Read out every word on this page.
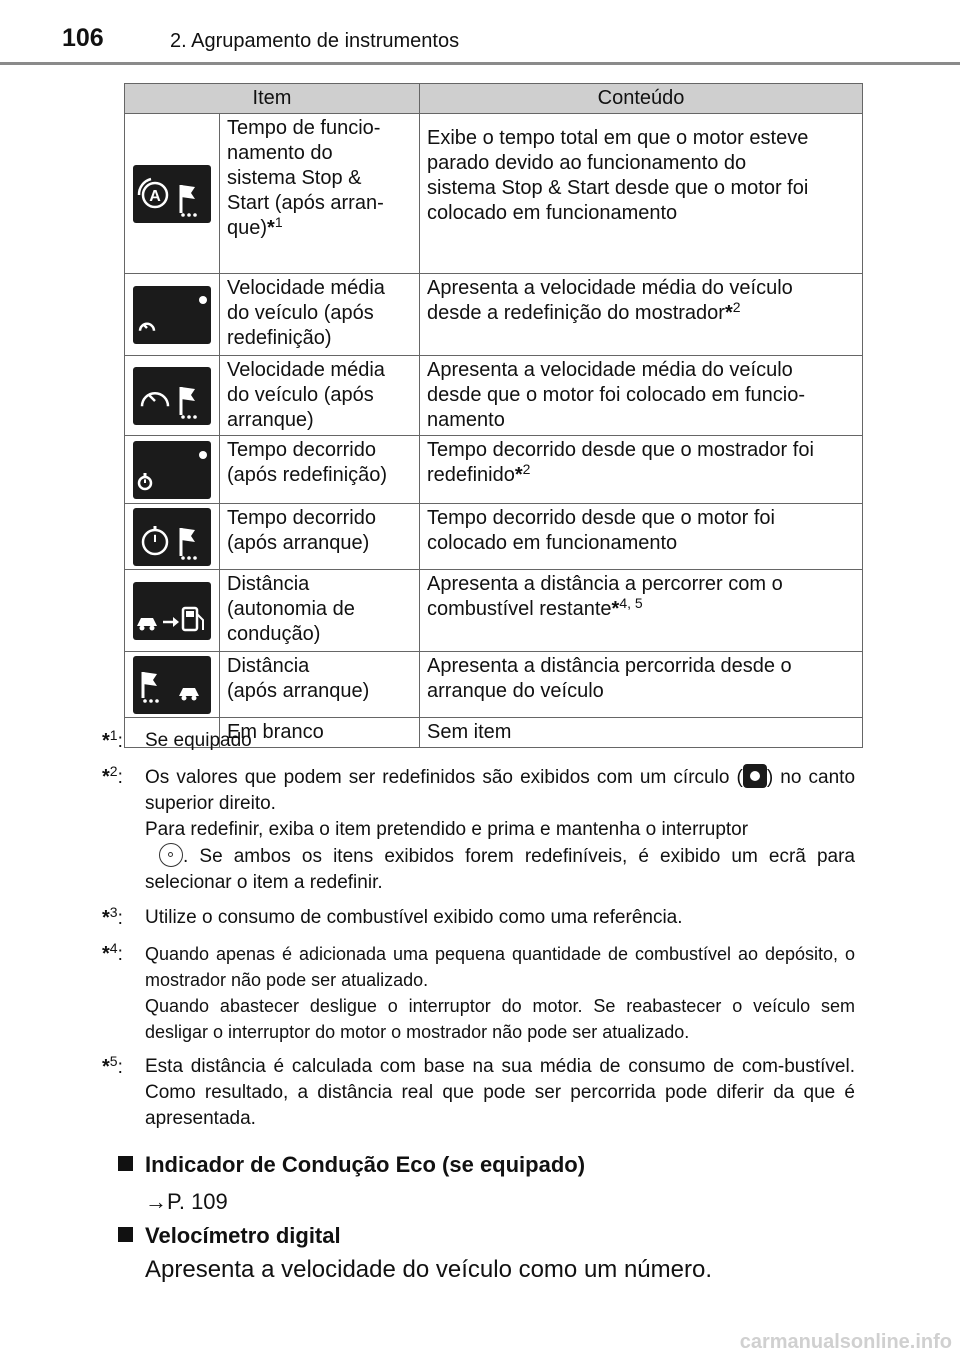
106	2. Agrupamento de instrumentos
Item		Conteúdo

A	Tempo de funcio-
namento do
sistema Stop &
Start (após arran-
que)*$^1$	Exibe o tempo total em que o motor esteve
parado devido ao funcionamento do
sistema Stop & Start desde que o motor foi
colocado em funcionamento

	Velocidade média
do veículo (após
redefinição)	Apresenta a velocidade média do veículo
desde a redefinição do mostrador*$^2$

	Velocidade média
do veículo (após
arranque)	Apresenta a velocidade média do veículo
desde que o motor foi colocado em funcio-
namento

	Tempo decorrido
(após redefinição)	Tempo decorrido desde que o mostrador foi
redefinido*$^2$

	Tempo decorrido
(após arranque)	Tempo decorrido desde que o motor foi
colocado em funcionamento

	Distância
(autonomia de
condução)	Apresenta a distância a percorrer com o
combustível restante*$^{4, 5}$

	Distância
(após arranque)	Apresenta a distância percorrida desde o
arranque do veículo
	Em branco	Sem item
*$^1$:	Se equipado

*$^2$:	Os valores que podem ser redefinidos são exibidos com um círculo ( ) no canto superior direito.

Para redefinir, exiba o item pretendido e prima e mantenha o interruptor
. Se ambos os itens exibidos forem redefiníveis, é exibido um ecrã para selecionar o item a redefinir.

*$^3$:	Utilize o consumo de combustível exibido como uma referência.

*$^4$:	Quando apenas é adicionada uma pequena quantidade de combustível ao depósito, o mostrador não pode ser atualizado.

Quando abastecer desligue o interruptor do motor. Se reabastecer o veículo sem desligar o interruptor do motor o mostrador não pode ser atualizado.

*$^5$:	Esta distância é calculada com base na sua média de consumo de com-bustível. Como resultado, a distância real que pode ser percorrida pode diferir da que é apresentada.

Indicador de Condução Eco (se equipado)
→P. 109
Velocímetro digital
Apresenta a velocidade do veículo como um número.
carmanualsonline.info
